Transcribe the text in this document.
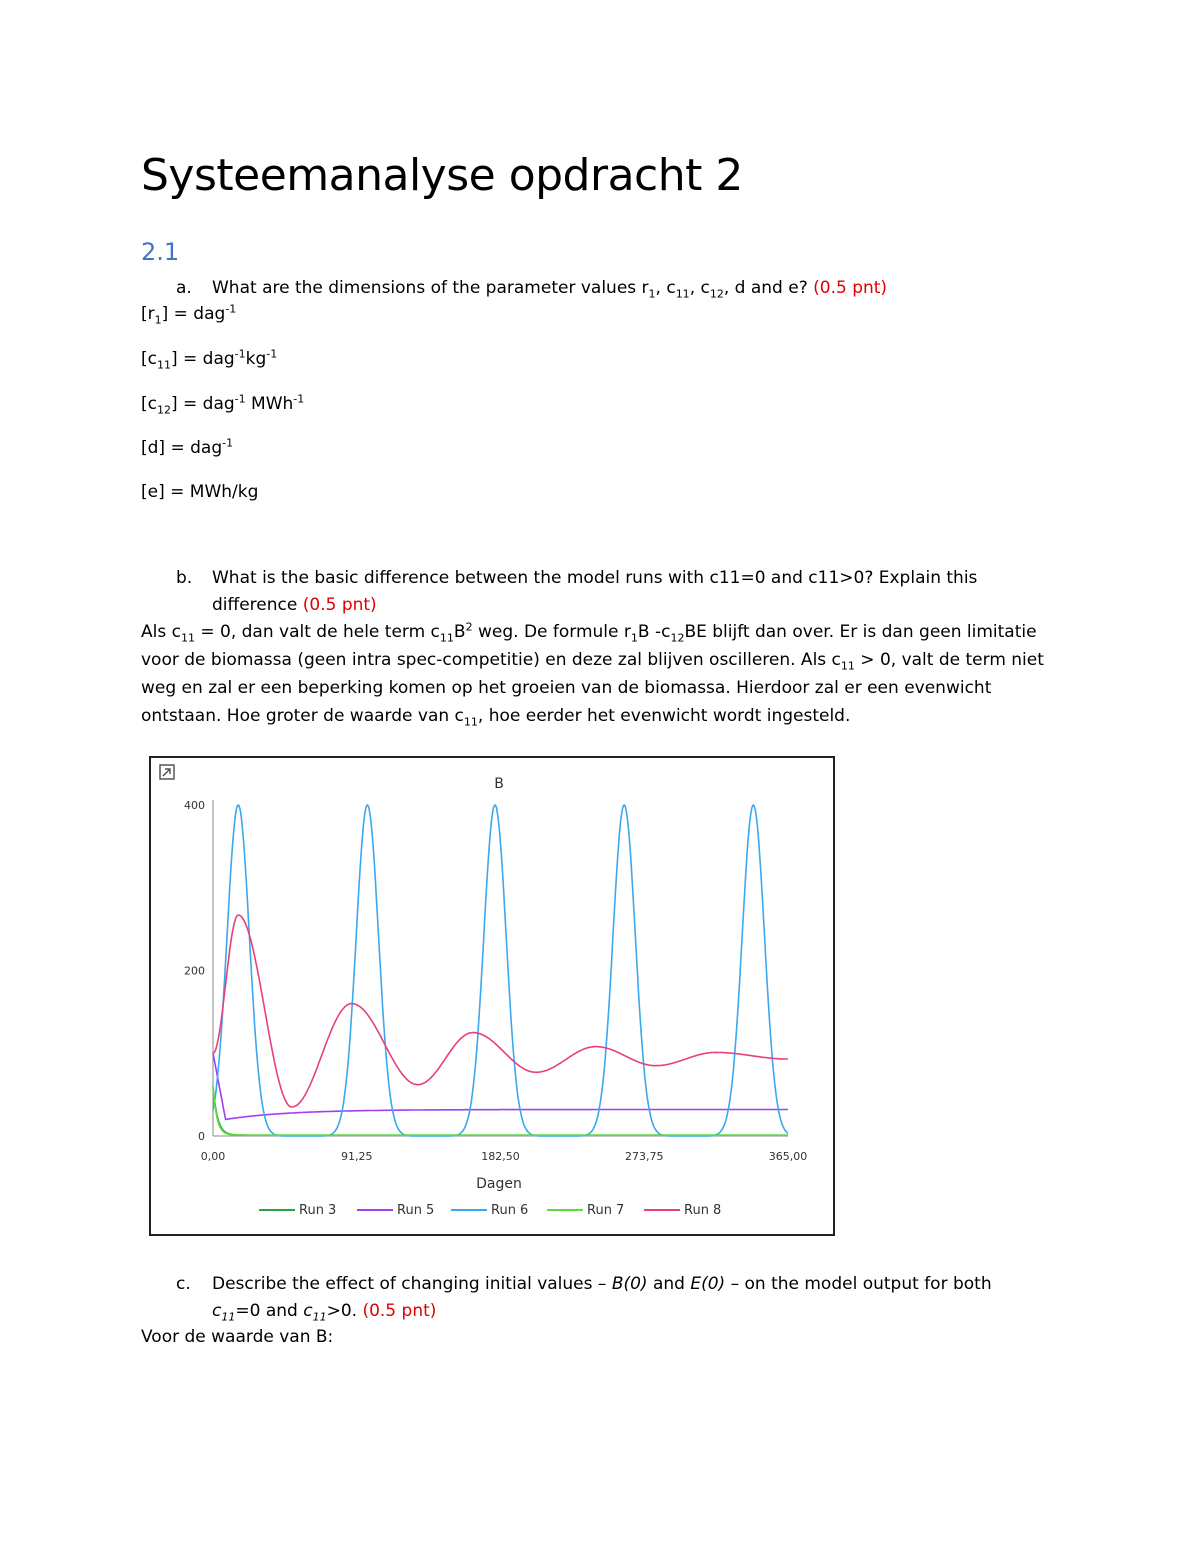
Systeemanalyse opdracht 2
2.1
a. What are the dimensions of the parameter values $r_1$, $c_{11}$, $c_{12}$, d and e? (0.5 pnt)
$[r_1] = dag^{-1}$
$[c_{11}] = dag^{-1}kg^{-1}$
$[c_{12}] = dag^{-1}$ MWh$^{-1}$
[d] = dag$^{-1}$
[e] = MWh/kg
b. What is the basic difference between the model runs with c11=0 and c11>0? Explain this
difference (0.5 pnt)
Als $c_{11} = 0$, dan valt de hele term $c_{11}B^2$ weg. De formule $r_1B$ $-c_{12}BE$ blijft dan over. Er is dan geen limitatie voor de biomassa (geen intra spec-competitie) en deze zal blijven oscilleren. Als $c_{11} > 0$, valt de term niet weg en zal er een beperking komen op het groeien van de biomassa. Hierdoor zal er een evenwicht ontstaan. Hoe groter de waarde van $c_{11}$, hoe eerder het evenwicht wordt ingesteld.
B
0
200
400
0,00	91,25	182,50	273,75	365,00
Dagen
Run 3	Run 5	Run 6	Run 7	Run 8
c. Describe the effect of changing initial values – B(0) and E(0) – on the model output for both
$c_{11}=0$ and $c_{11}>0$. (0.5 pnt)
Voor de waarde van B:
